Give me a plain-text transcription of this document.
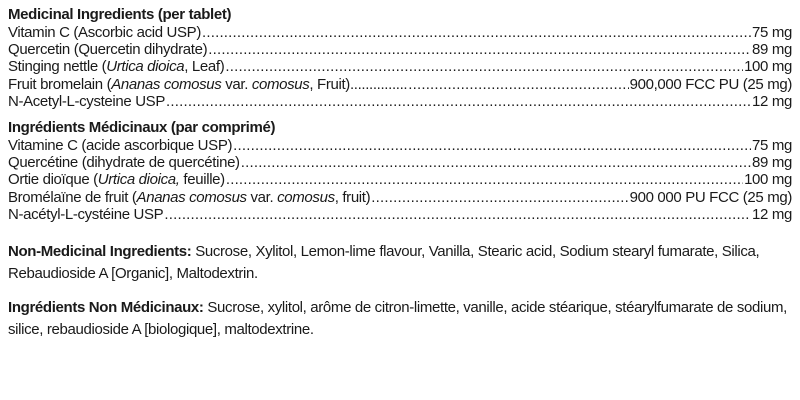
Medicinal Ingredients (per tablet)
Vitamin C (Ascorbic acid USP) .....	75 mg
Quercetin (Quercetin dihydrate) .....	89 mg
Stinging nettle (Urtica dioica, Leaf) .....	100 mg
Fruit bromelain (Ananas comosus var. comosus, Fruit)............... .....	900,000 FCC PU (25 mg)
N-Acetyl-L-cysteine USP .....	12 mg
Ingrédients Médicinaux (par comprimé)
Vitamine C (acide ascorbique USP) .....	75 mg
Quercétine (dihydrate de quercétine) .....	89 mg
Ortie dioïque (Urtica dioica, feuille) .....	100 mg
Bromélaïne de fruit (Ananas comosus var. comosus, fruit) .....	900 000 PU FCC (25 mg)
N-acétyl-L-cystéine USP .....	12 mg
Non-Medicinal Ingredients: Sucrose, Xylitol, Lemon-lime flavour, Vanilla, Stearic acid, Sodium stearyl fumarate, Silica, Rebaudioside A [Organic], Maltodextrin.
Ingrédients Non Médicinaux: Sucrose, xylitol, arôme de citron-limette, vanille, acide stéarique, stéarylfumarate de sodium, silice, rebaudioside A [biologique], maltodextrine.
